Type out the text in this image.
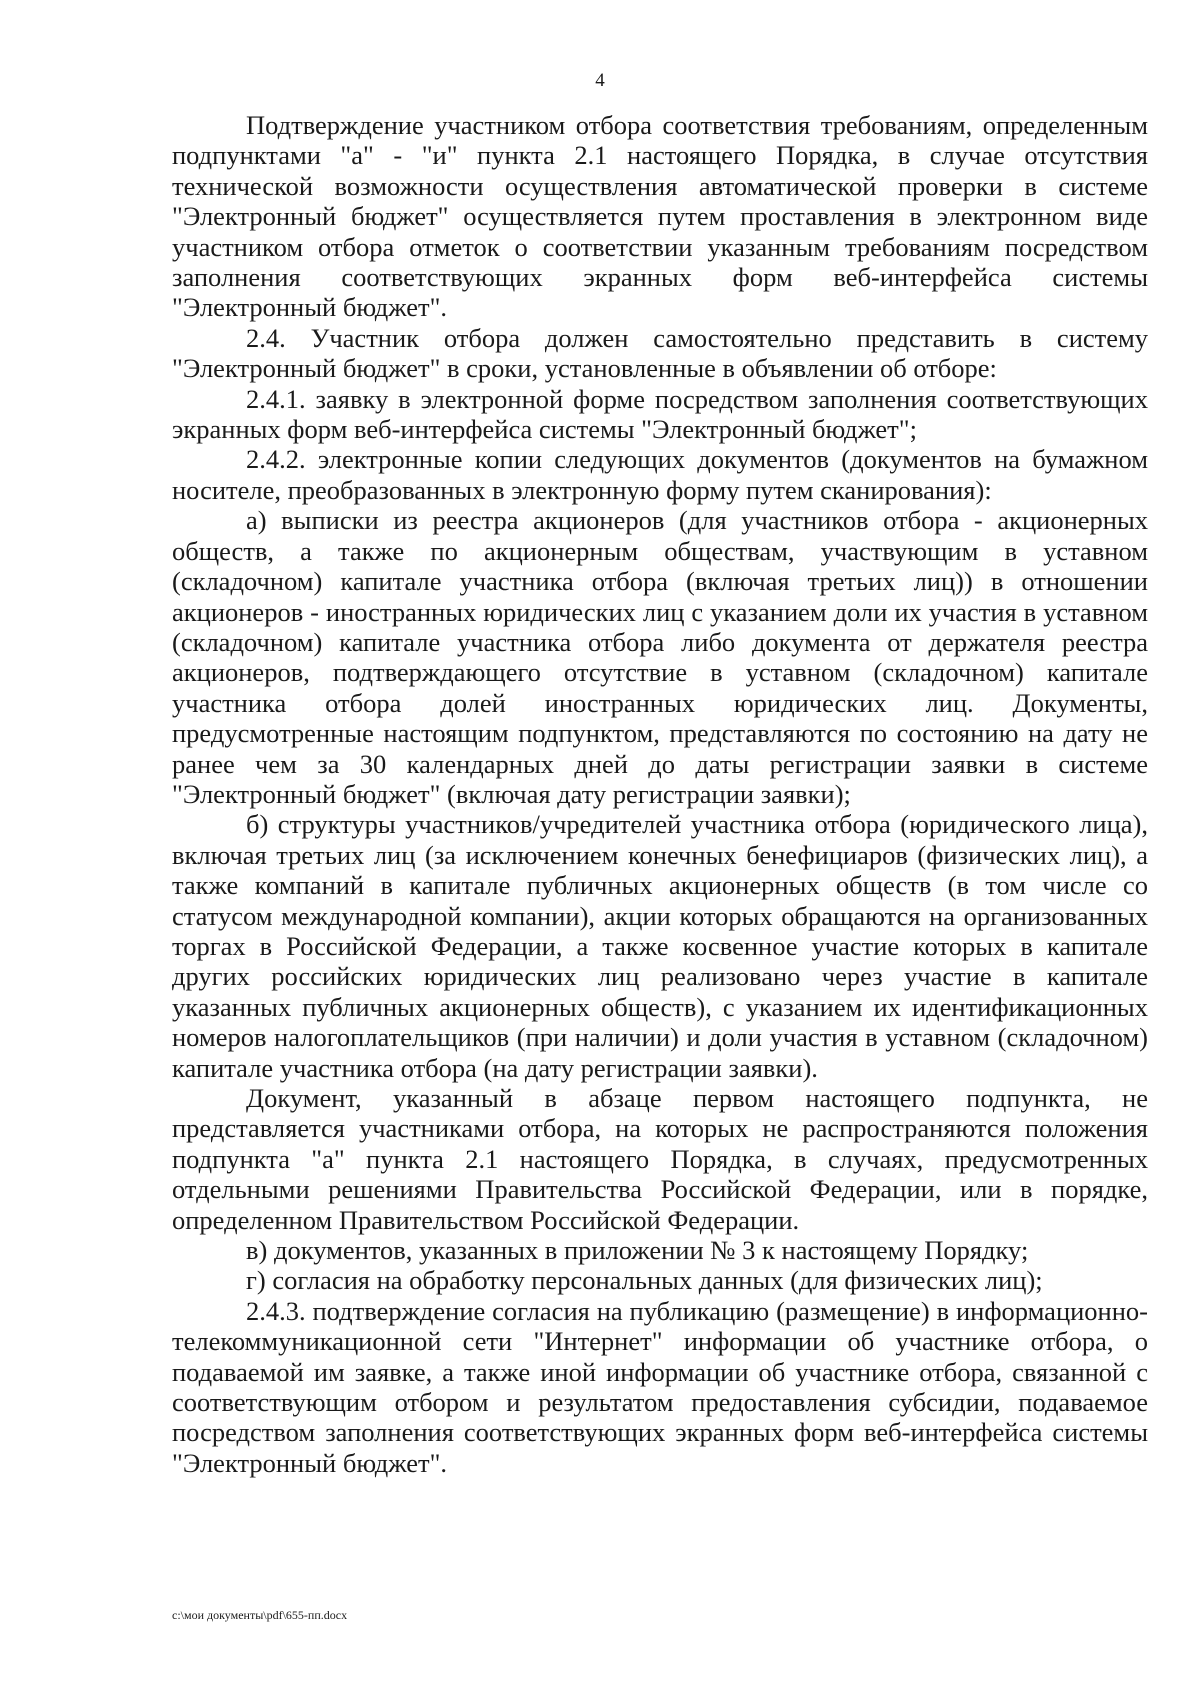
4

Подтверждение участником отбора соответствия требованиям, определенным подпунктами "а" - "и" пункта 2.1 настоящего Порядка, в случае отсутствия технической возможности осуществления автоматической проверки в системе "Электронный бюджет" осуществляется путем проставления в электронном виде участником отбора отметок о соответствии указанным требованиям посредством заполнения соответствующих экранных форм веб-интерфейса системы "Электронный бюджет".

2.4. Участник отбора должен самостоятельно представить в систему "Электронный бюджет" в сроки, установленные в объявлении об отборе:

2.4.1. заявку в электронной форме посредством заполнения соответствующих экранных форм веб-интерфейса системы "Электронный бюджет";

2.4.2. электронные копии следующих документов (документов на бумажном носителе, преобразованных в электронную форму путем сканирования):

а) выписки из реестра акционеров (для участников отбора - акционерных обществ, а также по акционерным обществам, участвующим в уставном (складочном) капитале участника отбора (включая третьих лиц)) в отношении акционеров - иностранных юридических лиц с указанием доли их участия в уставном (складочном) капитале участника отбора либо документа от держателя реестра акционеров, подтверждающего отсутствие в уставном (складочном) капитале участника отбора долей иностранных юридических лиц. Документы, предусмотренные настоящим подпунктом, представляются по состоянию на дату не ранее чем за 30 календарных дней до даты регистрации заявки в системе "Электронный бюджет" (включая дату регистрации заявки);

б) структуры участников/учредителей участника отбора (юридического лица), включая третьих лиц (за исключением конечных бенефициаров (физических лиц), а также компаний в капитале публичных акционерных обществ (в том числе со статусом международной компании), акции которых обращаются на организованных торгах в Российской Федерации, а также косвенное участие которых в капитале других российских юридических лиц реализовано через участие в капитале указанных публичных акционерных обществ), с указанием их идентификационных номеров налогоплательщиков (при наличии) и доли участия в уставном (складочном) капитале участника отбора (на дату регистрации заявки).

Документ, указанный в абзаце первом настоящего подпункта, не представляется участниками отбора, на которых не распространяются положения подпункта "а" пункта 2.1 настоящего Порядка, в случаях, предусмотренных отдельными решениями Правительства Российской Федерации, или в порядке, определенном Правительством Российской Федерации.

в) документов, указанных в приложении № 3 к настоящему Порядку;

г) согласия на обработку персональных данных (для физических лиц);

2.4.3. подтверждение согласия на публикацию (размещение) в информационно-телекоммуникационной сети "Интернет" информации об участнике отбора, о подаваемой им заявке, а также иной информации об участнике отбора, связанной с соответствующим отбором и результатом предоставления субсидии, подаваемое посредством заполнения соответствующих экранных форм веб-интерфейса системы "Электронный бюджет".

c:\мои документы\pdf\655-пп.docx
